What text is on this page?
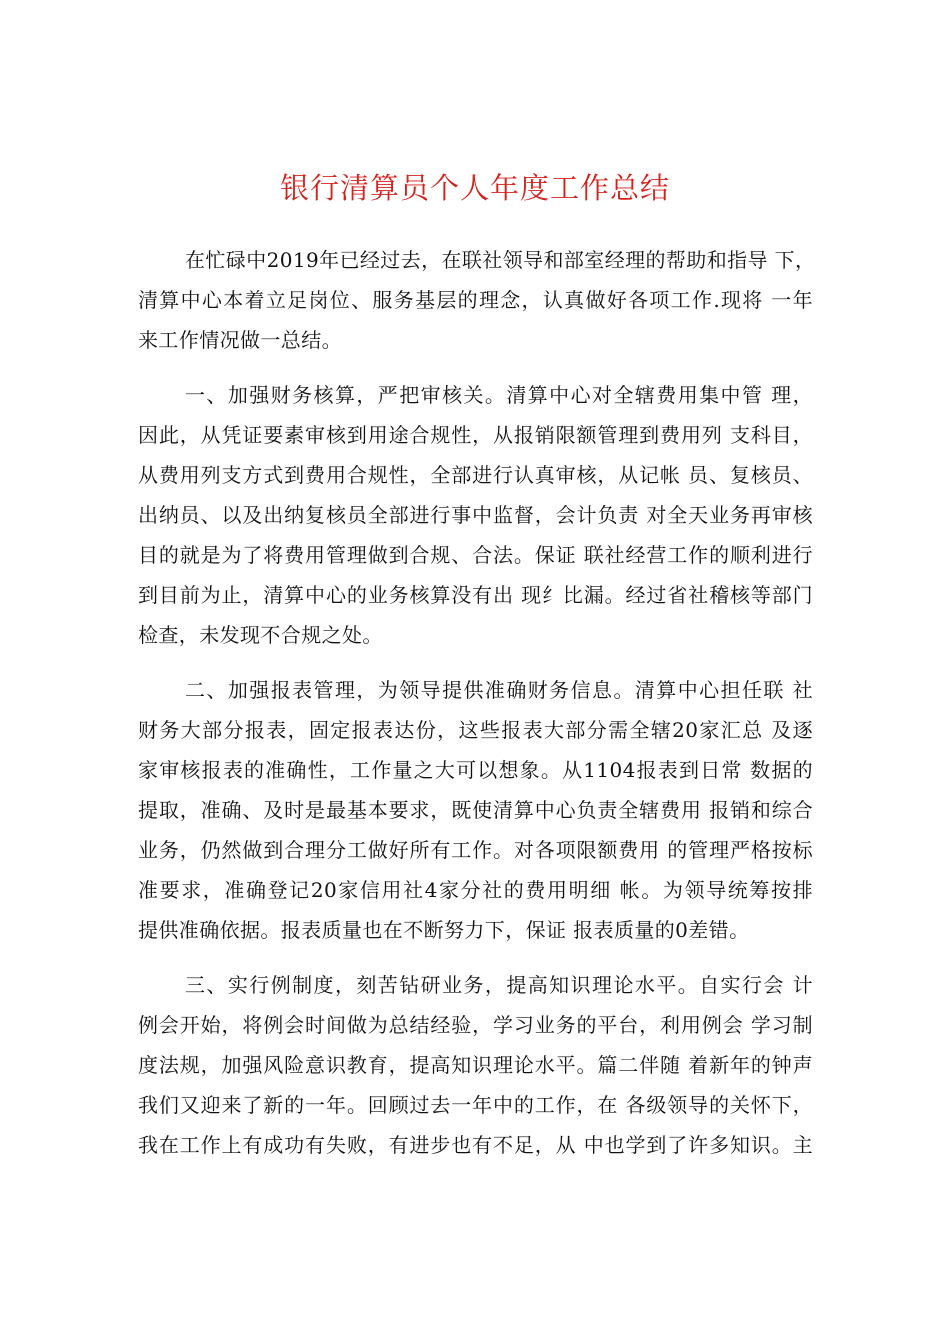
银行清算员个人年度工作总结
在忙碌中2019年已经过去，在联社领导和部室经理的帮助和指导 下，
清算中心本着立足岗位、服务基层的理念，认真做好各项工作.现将 一年
来工作情况做一总结。
一、加强财务核算，严把审核关。清算中心对全辖费用集中管 理，
因此，从凭证要素审核到用途合规性，从报销限额管理到费用列 支科目，
从费用列支方式到费用合规性，全部进行认真审核，从记帐 员、复核员、
出纳员、以及出纳复核员全部进行事中监督，会计负责 对全天业务再审核
目的就是为了将费用管理做到合规、合法。保证 联社经营工作的顺利进行
到目前为止，清算中心的业务核算没有出 现纟比漏。经过省社稽核等部门
检查，未发现不合规之处。
二、加强报表管理，为领导提供准确财务信息。清算中心担任联 社
财务大部分报表，固定报表达份，这些报表大部分需全辖20家汇总 及逐
家审核报表的准确性，工作量之大可以想象。从1104报表到日常 数据的
提取，准确、及时是最基本要求，既使清算中心负责全辖费用 报销和综合
业务，仍然做到合理分工做好所有工作。对各项限额费用 的管理严格按标
准要求，准确登记20家信用社4家分社的费用明细 帐。为领导统筹按排
提供准确依据。报表质量也在不断努力下，保证 报表质量的0差错。
三、实行例制度，刻苦钻研业务，提高知识理论水平。自实行会 计
例会开始，将例会时间做为总结经验，学习业务的平台，利用例会 学习制
度法规，加强风险意识教育，提高知识理论水平。篇二伴随 着新年的钟声
我们又迎来了新的一年。回顾过去一年中的工作，在 各级领导的关怀下，
我在工作上有成功有失败，有进步也有不足，从 中也学到了许多知识。主
